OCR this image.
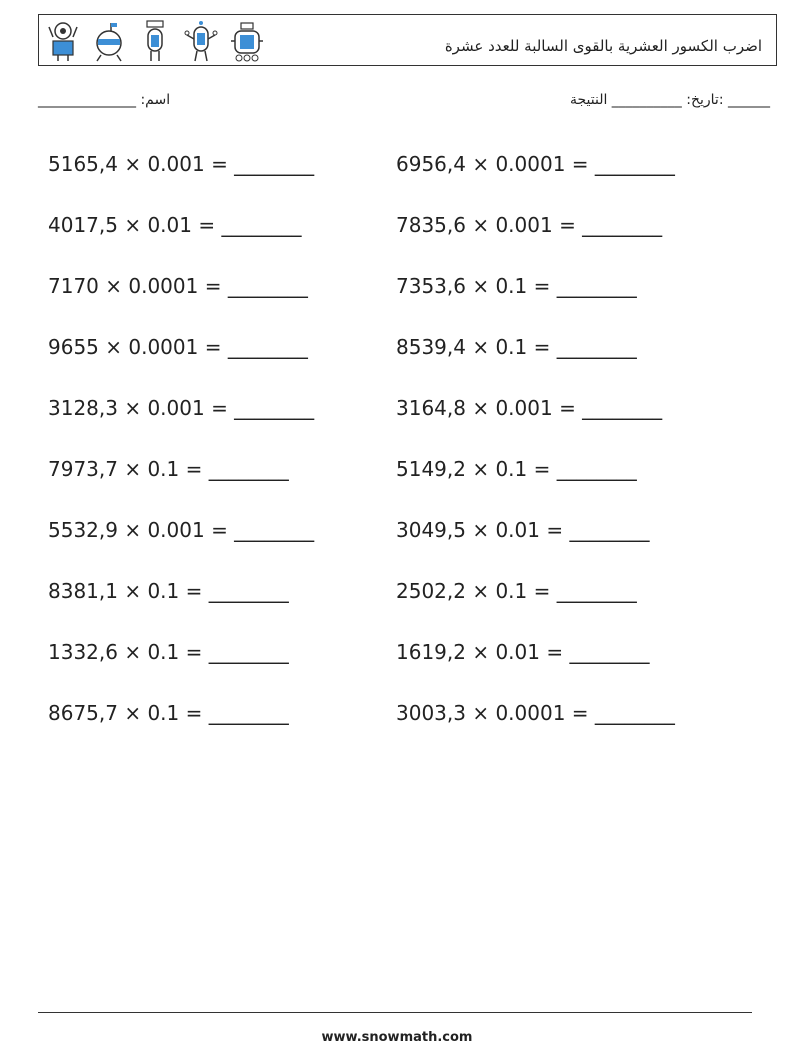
اضرب الكسور العشرية بالقوى السالبة للعدد عشرة
______________ :اسم	______ :تاريخ: __________ النتيجة
5165,4 × 0.001 = ________
4017,5 × 0.01 = ________
7170 × 0.0001 = ________
9655 × 0.0001 = ________
3128,3 × 0.001 = ________
7973,7 × 0.1 = ________
5532,9 × 0.001 = ________
8381,1 × 0.1 = ________
1332,6 × 0.1 = ________
8675,7 × 0.1 = ________
6956,4 × 0.0001 = ________
7835,6 × 0.001 = ________
7353,6 × 0.1 = ________
8539,4 × 0.1 = ________
3164,8 × 0.001 = ________
5149,2 × 0.1 = ________
3049,5 × 0.01 = ________
2502,2 × 0.1 = ________
1619,2 × 0.01 = ________
3003,3 × 0.0001 = ________
www.snowmath.com
